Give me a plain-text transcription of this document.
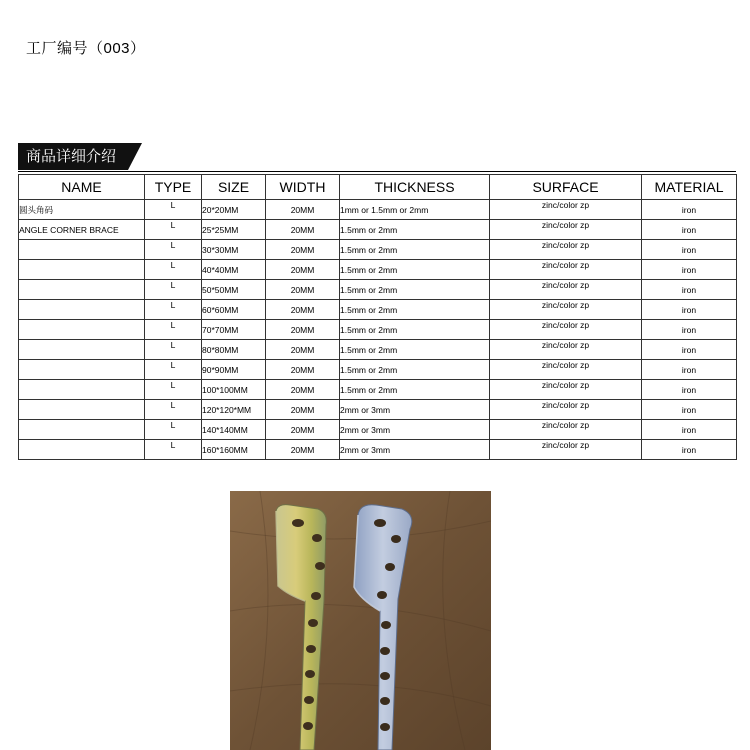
工厂编号（003）
商品详细介绍
NAME	TYPE	SIZE	WIDTH	THICKNESS	SURFACE	MATERIAL
圆头角码	L	20*20MM	20MM	1mm or 1.5mm or 2mm	zinc/color zp	iron
ANGLE CORNER BRACE	L	25*25MM	20MM	1.5mm or 2mm	zinc/color zp	iron
	L	30*30MM	20MM	1.5mm or 2mm	zinc/color zp	iron
	L	40*40MM	20MM	1.5mm or 2mm	zinc/color zp	iron
	L	50*50MM	20MM	1.5mm or 2mm	zinc/color zp	iron
	L	60*60MM	20MM	1.5mm or 2mm	zinc/color zp	iron
	L	70*70MM	20MM	1.5mm or 2mm	zinc/color zp	iron
	L	80*80MM	20MM	1.5mm or 2mm	zinc/color zp	iron
	L	90*90MM	20MM	1.5mm or 2mm	zinc/color zp	iron
	L	100*100MM	20MM	1.5mm or 2mm	zinc/color zp	iron
	L	120*120*MM	20MM	2mm or 3mm	zinc/color zp	iron
	L	140*140MM	20MM	2mm or 3mm	zinc/color zp	iron
	L	160*160MM	20MM	2mm or 3mm	zinc/color zp	iron
